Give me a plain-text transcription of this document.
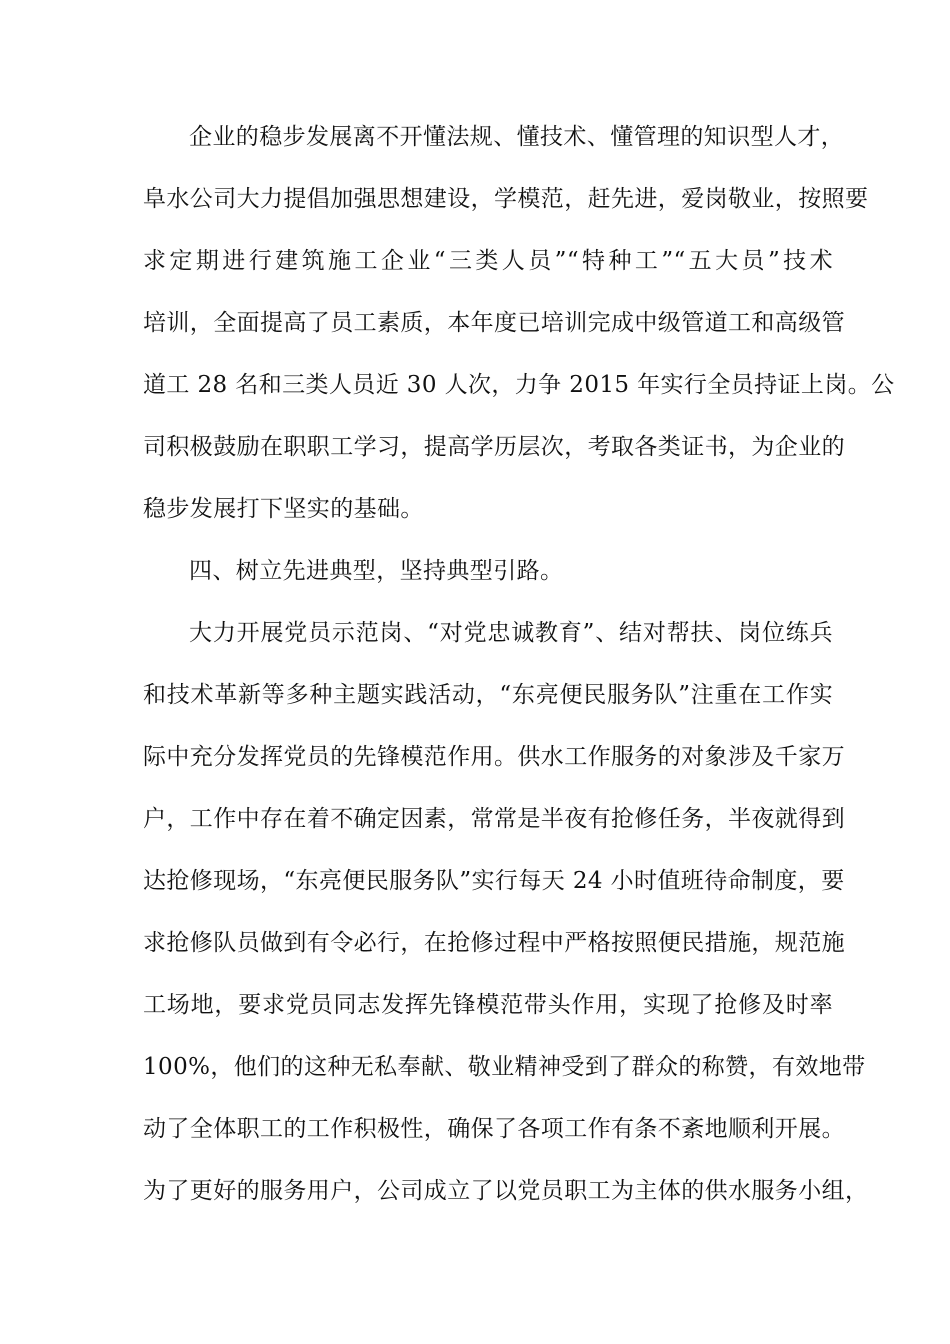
企业的稳步发展离不开懂法规、懂技术、懂管理的知识型人才，
阜水公司大力提倡加强思想建设，学模范，赶先进，爱岗敬业，按照要
求定期进行建筑施工企业“三类人员”“特种工”“五大员”技术
培训，全面提高了员工素质，本年度已培训完成中级管道工和高级管
道工 28 名和三类人员近 30 人次，力争 2015 年实行全员持证上岗。公
司积极鼓励在职职工学习，提高学历层次，考取各类证书，为企业的
稳步发展打下坚实的基础。
四、树立先进典型，坚持典型引路。
大力开展党员示范岗、“对党忠诚教育”、结对帮扶、岗位练兵
和技术革新等多种主题实践活动，“东亮便民服务队”注重在工作实
际中充分发挥党员的先锋模范作用。供水工作服务的对象涉及千家万
户，工作中存在着不确定因素，常常是半夜有抢修任务，半夜就得到
达抢修现场，“东亮便民服务队”实行每天 24 小时值班待命制度，要
求抢修队员做到有令必行，在抢修过程中严格按照便民措施，规范施
工场地，要求党员同志发挥先锋模范带头作用，实现了抢修及时率
100%，他们的这种无私奉献、敬业精神受到了群众的称赞，有效地带
动了全体职工的工作积极性，确保了各项工作有条不紊地顺利开展。
为了更好的服务用户，公司成立了以党员职工为主体的供水服务小组，
